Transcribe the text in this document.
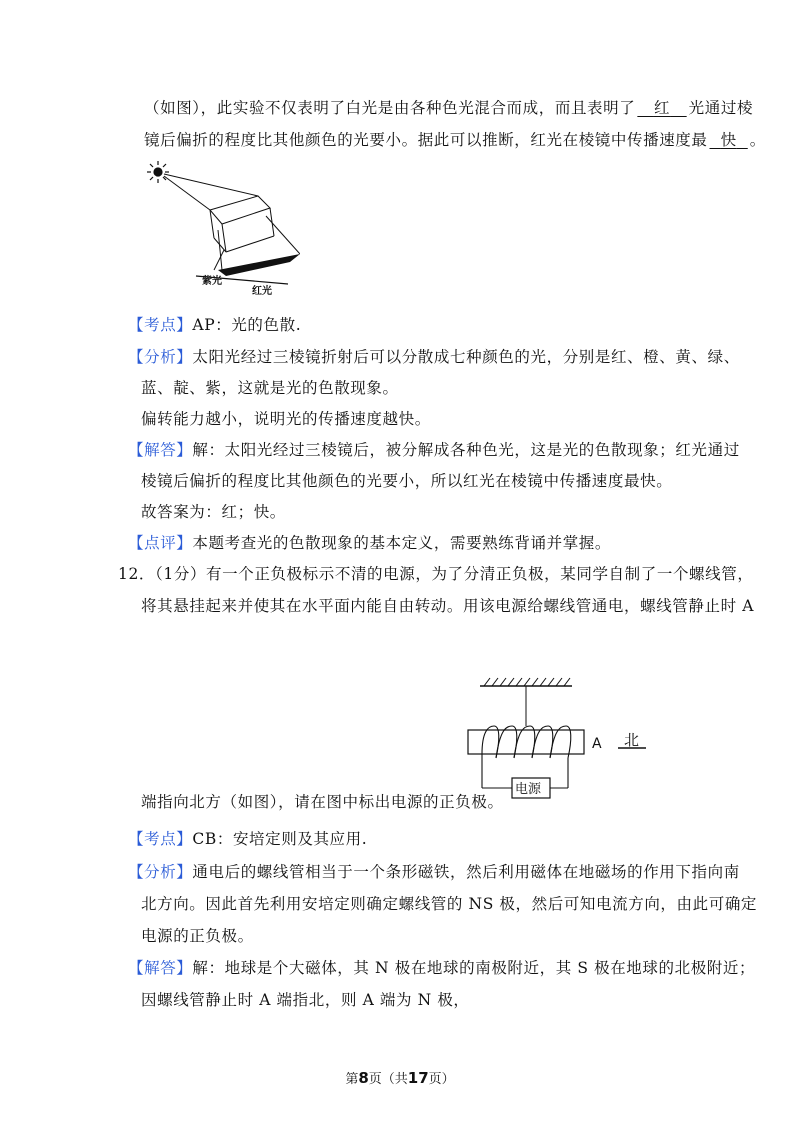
（如图），此实验不仅表明了白光是由各种色光混合而成，而且表明了 红 光通过棱
镜后偏折的程度比其他颜色的光要小。据此可以推断，红光在棱镜中传播速度最 快 。
紫光
红光
【考点】AP：光的色散.
【分析】太阳光经过三棱镜折射后可以分散成七种颜色的光，分别是红、橙、黄、绿、
蓝、靛、紫，这就是光的色散现象。
偏转能力越小，说明光的传播速度越快。
【解答】解：太阳光经过三棱镜后，被分解成各种色光，这是光的色散现象；红光通过
棱镜后偏折的程度比其他颜色的光要小，所以红光在棱镜中传播速度最快。
故答案为：红；快。
【点评】本题考查光的色散现象的基本定义，需要熟练背诵并掌握。
12．（1分）有一个正负极标示不清的电源，为了分清正负极，某同学自制了一个螺线管，
将其悬挂起来并使其在水平面内能自由转动。用该电源给螺线管通电，螺线管静止时 A
端指向北方（如图），请在图中标出电源的正负极。
电源
A 北
【考点】CB：安培定则及其应用.
【分析】通电后的螺线管相当于一个条形磁铁，然后利用磁体在地磁场的作用下指向南
北方向。因此首先利用安培定则确定螺线管的 NS 极，然后可知电流方向，由此可确定
电源的正负极。
【解答】解：地球是个大磁体，其 N 极在地球的南极附近，其 S 极在地球的北极附近；
因螺线管静止时 A 端指北，则 A 端为 N 极，
第8页（共17页）
